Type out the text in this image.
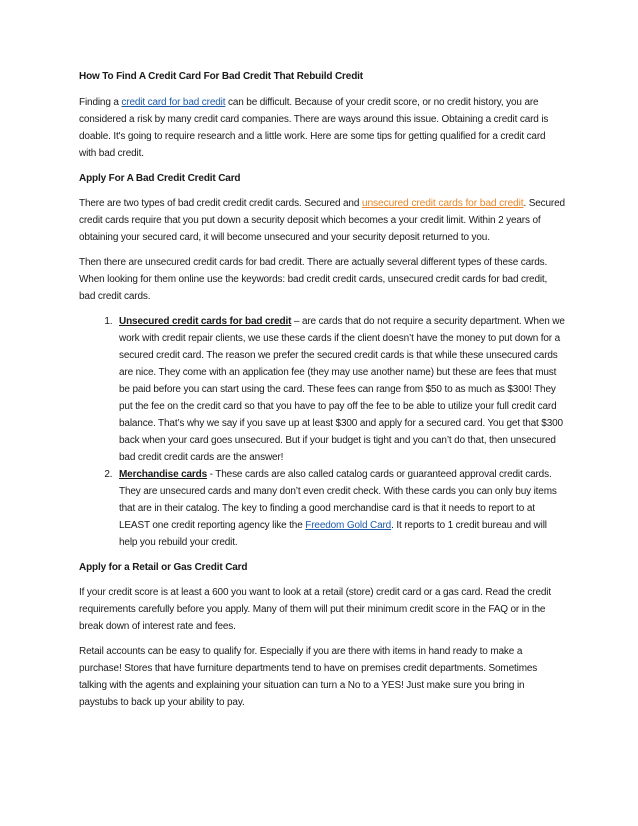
How To Find A Credit Card For Bad Credit That Rebuild Credit

Finding a credit card for bad credit can be difficult. Because of your credit score, or no credit history, you are considered a risk by many credit card companies. There are ways around this issue. Obtaining a credit card is doable. It's going to require research and a little work. Here are some tips for getting qualified for a credit card with bad credit.

Apply For A Bad Credit Credit Card

There are two types of bad credit credit credit cards. Secured and unsecured credit cards for bad credit. Secured credit cards require that you put down a security deposit which becomes a your credit limit. Within 2 years of obtaining your secured card, it will become unsecured and your security deposit returned to you.

Then there are unsecured credit cards for bad credit. There are actually several different types of these cards. When looking for them online use the keywords: bad credit credit cards, unsecured credit cards for bad credit, bad credit cards.

1. Unsecured credit cards for bad credit – are cards that do not require a security department. When we work with credit repair clients, we use these cards if the client doesn’t have the money to put down for a secured credit card. The reason we prefer the secured credit cards is that while these unsecured cards are nice. They come with an application fee (they may use another name) but these are fees that must be paid before you can start using the card. These fees can range from $50 to as much as $300! They put the fee on the credit card so that you have to pay off the fee to be able to utilize your full credit card balance. That’s why we say if you save up at least $300 and apply for a secured card. You get that $300 back when your card goes unsecured. But if your budget is tight and you can’t do that, then unsecured bad credit credit cards are the answer!
2. Merchandise cards - These cards are also called catalog cards or guaranteed approval credit cards. They are unsecured cards and many don’t even credit check. With these cards you can only buy items that are in their catalog. The key to finding a good merchandise card is that it needs to report to at LEAST one credit reporting agency like the Freedom Gold Card. It reports to 1 credit bureau and will help you rebuild your credit.
Apply for a Retail or Gas Credit Card

If your credit score is at least a 600 you want to look at a retail (store) credit card or a gas card. Read the credit requirements carefully before you apply. Many of them will put their minimum credit score in the FAQ or in the break down of interest rate and fees.

Retail accounts can be easy to qualify for. Especially if you are there with items in hand ready to make a purchase! Stores that have furniture departments tend to have on premises credit departments. Sometimes talking with the agents and explaining your situation can turn a No to a YES! Just make sure you bring in paystubs to back up your ability to pay.
